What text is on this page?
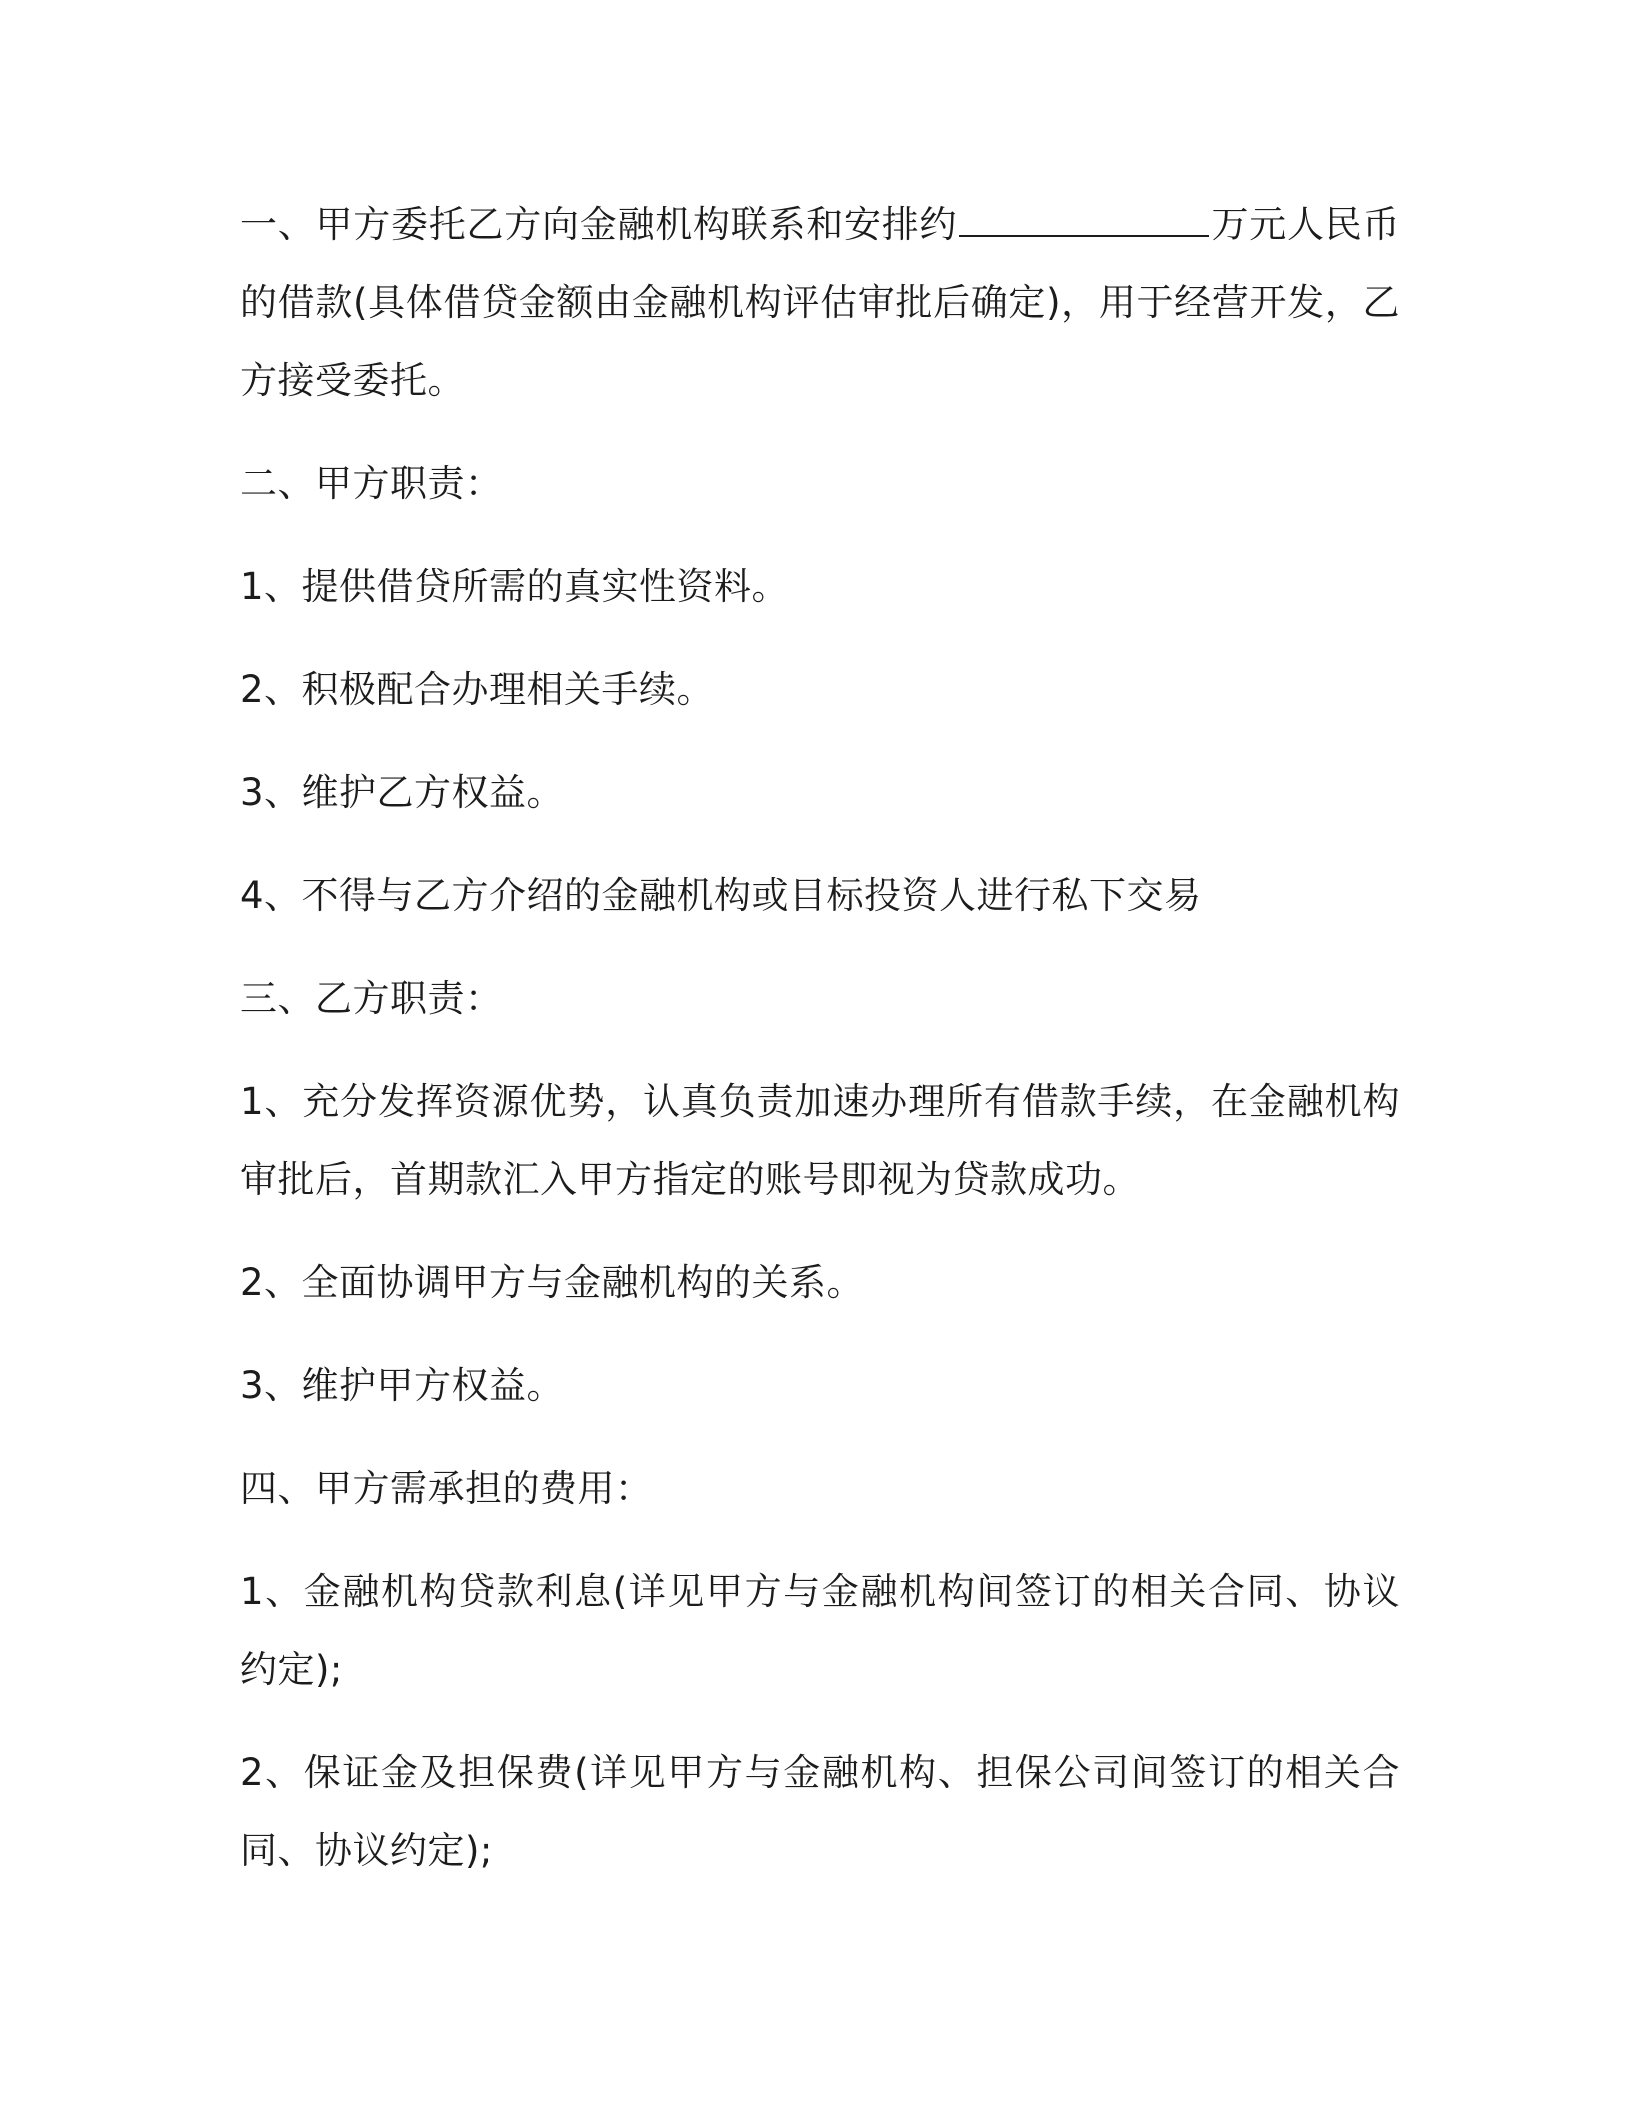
一、甲方委托乙方向金融机构联系和安排约	万元人民币的借款(具体借贷金额由金融机构评估审批后确定)，用于经营开发，乙方接受委托。

二、甲方职责：

1、提供借贷所需的真实性资料。

2、积极配合办理相关手续。

3、维护乙方权益。

4、不得与乙方介绍的金融机构或目标投资人进行私下交易

三、乙方职责：

1、充分发挥资源优势，认真负责加速办理所有借款手续，在金融机构审批后，首期款汇入甲方指定的账号即视为贷款成功。

2、全面协调甲方与金融机构的关系。

3、维护甲方权益。

四、甲方需承担的费用：

1、金融机构贷款利息(详见甲方与金融机构间签订的相关合同、协议约定);

2、保证金及担保费(详见甲方与金融机构、担保公司间签订的相关合同、协议约定);
